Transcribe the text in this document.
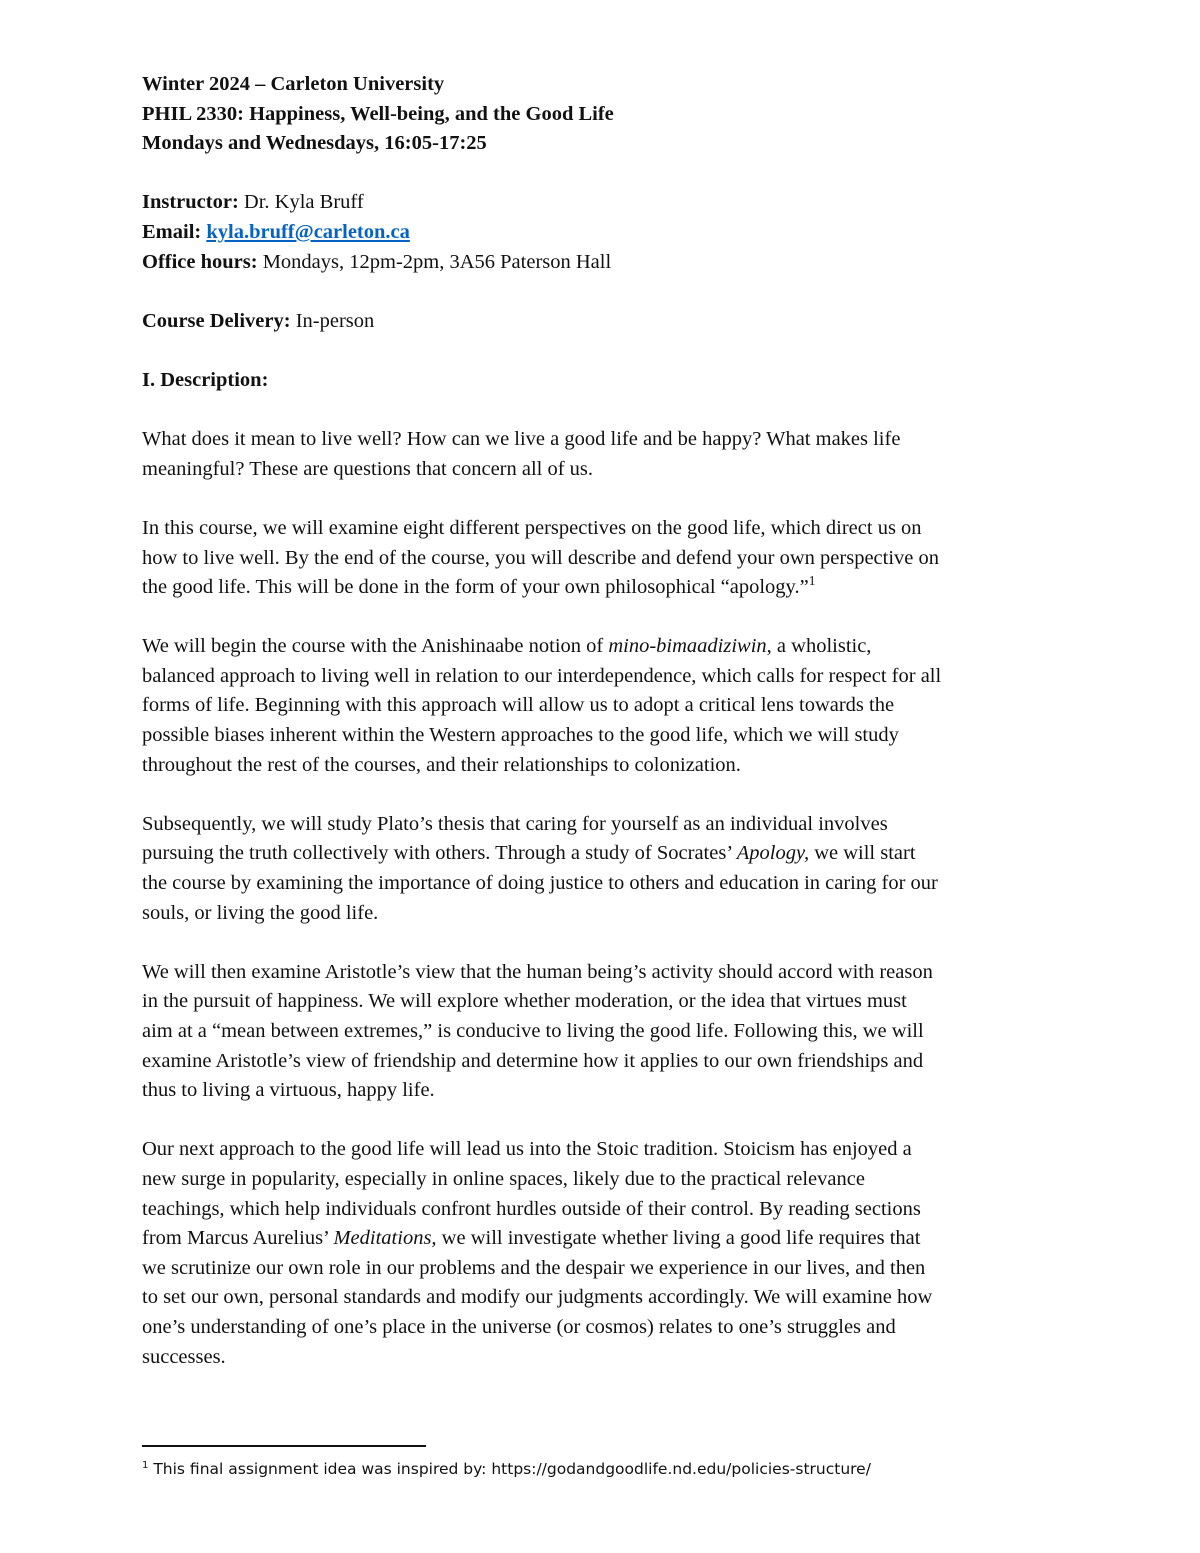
Winter 2024 – Carleton University

PHIL 2330: Happiness, Well-being, and the Good Life

Mondays and Wednesdays, 16:05-17:25

Instructor: Dr. Kyla Bruff

Email: kyla.bruff@carleton.ca

Office hours: Mondays, 12pm-2pm, 3A56 Paterson Hall

Course Delivery: In-person

I. Description:

What does it mean to live well? How can we live a good life and be happy? What makes life

meaningful? These are questions that concern all of us.

In this course, we will examine eight different perspectives on the good life, which direct us on

how to live well. By the end of the course, you will describe and defend your own perspective on

the good life. This will be done in the form of your own philosophical “apology.”$^1$

We will begin the course with the Anishinaabe notion of mino-bimaadiziwin, a wholistic,

balanced approach to living well in relation to our interdependence, which calls for respect for all

forms of life. Beginning with this approach will allow us to adopt a critical lens towards the

possible biases inherent within the Western approaches to the good life, which we will study

throughout the rest of the courses, and their relationships to colonization.

Subsequently, we will study Plato’s thesis that caring for yourself as an individual involves

pursuing the truth collectively with others. Through a study of Socrates’ Apology, we will start

the course by examining the importance of doing justice to others and education in caring for our

souls, or living the good life.

We will then examine Aristotle’s view that the human being’s activity should accord with reason

in the pursuit of happiness. We will explore whether moderation, or the idea that virtues must

aim at a “mean between extremes,” is conducive to living the good life. Following this, we will

examine Aristotle’s view of friendship and determine how it applies to our own friendships and

thus to living a virtuous, happy life.

Our next approach to the good life will lead us into the Stoic tradition. Stoicism has enjoyed a

new surge in popularity, especially in online spaces, likely due to the practical relevance

teachings, which help individuals confront hurdles outside of their control. By reading sections

from Marcus Aurelius’ Meditations, we will investigate whether living a good life requires that

we scrutinize our own role in our problems and the despair we experience in our lives, and then

to set our own, personal standards and modify our judgments accordingly. We will examine how

one’s understanding of one’s place in the universe (or cosmos) relates to one’s struggles and

successes.

$^1$ This final assignment idea was inspired by: https://godandgoodlife.nd.edu/policies-structure/
